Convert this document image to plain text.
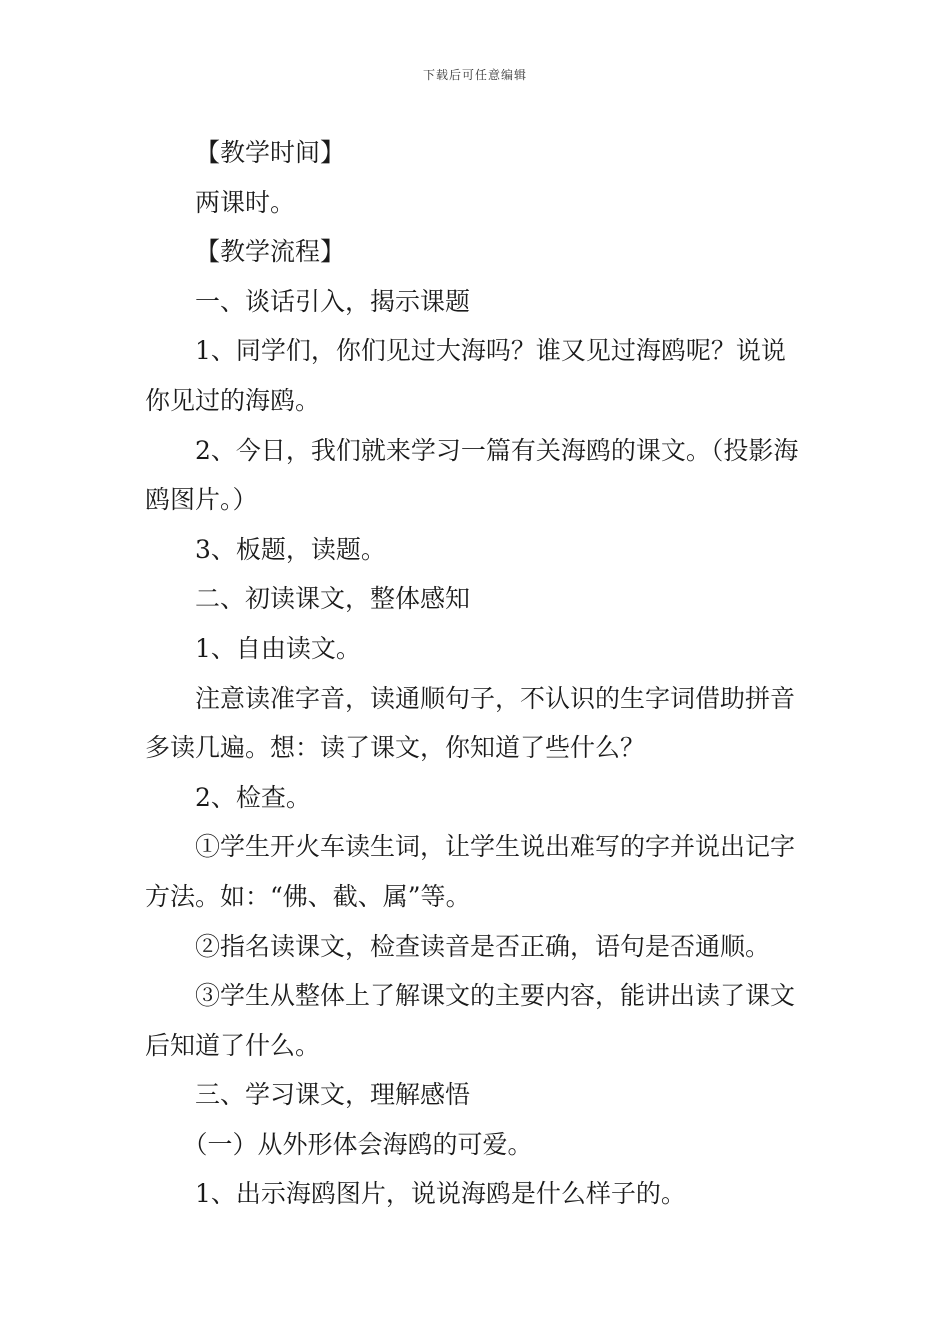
下载后可任意编辑

【教学时间】

两课时。

【教学流程】

一、谈话引入，揭示课题

1、同学们，你们见过大海吗？谁又见过海鸥呢？说说你见过的海鸥。

2、今日，我们就来学习一篇有关海鸥的课文。（投影海鸥图片。）

3、板题，读题。

二、初读课文，整体感知

1、自由读文。

注意读准字音，读通顺句子，不认识的生字词借助拼音多读几遍。想：读了课文，你知道了些什么？

2、检查。

①学生开火车读生词，让学生说出难写的字并说出记字方法。如：“佛、截、属”等。

②指名读课文，检查读音是否正确，语句是否通顺。

③学生从整体上了解课文的主要内容，能讲出读了课文后知道了什么。

三、学习课文，理解感悟

（一）从外形体会海鸥的可爱。

1、出示海鸥图片，说说海鸥是什么样子的。
